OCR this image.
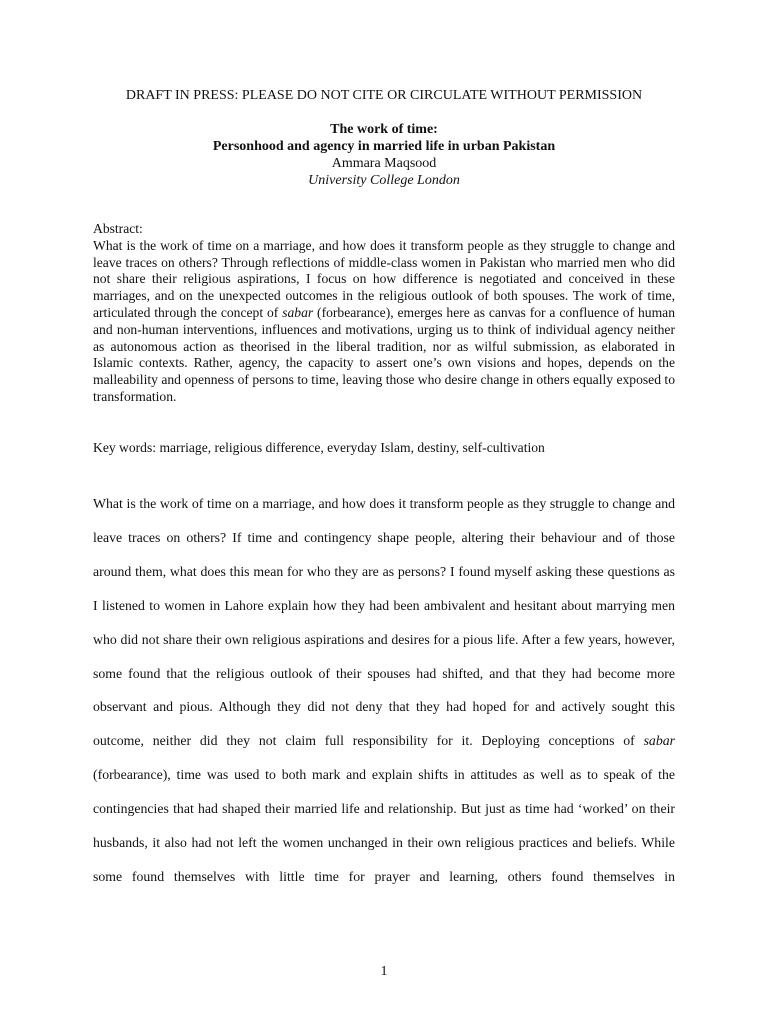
DRAFT IN PRESS: PLEASE DO NOT CITE OR CIRCULATE WITHOUT PERMISSION
The work of time:
Personhood and agency in married life in urban Pakistan
Ammara Maqsood
University College London
Abstract:

What is the work of time on a marriage, and how does it transform people as they struggle to change and leave traces on others? Through reflections of middle-class women in Pakistan who married men who did not share their religious aspirations, I focus on how difference is negotiated and conceived in these marriages, and on the unexpected outcomes in the religious outlook of both spouses. The work of time, articulated through the concept of sabar (forbearance), emerges here as canvas for a confluence of human and non-human interventions, influences and motivations, urging us to think of individual agency neither as autonomous action as theorised in the liberal tradition, nor as wilful submission, as elaborated in Islamic contexts. Rather, agency, the capacity to assert one’s own visions and hopes, depends on the malleability and openness of persons to time, leaving those who desire change in others equally exposed to transformation.

Key words: marriage, religious difference, everyday Islam, destiny, self-cultivation

What is the work of time on a marriage, and how does it transform people as they struggle to change and leave traces on others? If time and contingency shape people, altering their behaviour and of those around them, what does this mean for who they are as persons? I found myself asking these questions as I listened to women in Lahore explain how they had been ambivalent and hesitant about marrying men who did not share their own religious aspirations and desires for a pious life. After a few years, however, some found that the religious outlook of their spouses had shifted, and that they had become more observant and pious. Although they did not deny that they had hoped for and actively sought this outcome, neither did they not claim full responsibility for it. Deploying conceptions of sabar (forbearance), time was used to both mark and explain shifts in attitudes as well as to speak of the contingencies that had shaped their married life and relationship. But just as time had ‘worked’ on their husbands, it also had not left the women unchanged in their own religious practices and beliefs. While some found themselves with little time for prayer and learning, others found themselves in

1
